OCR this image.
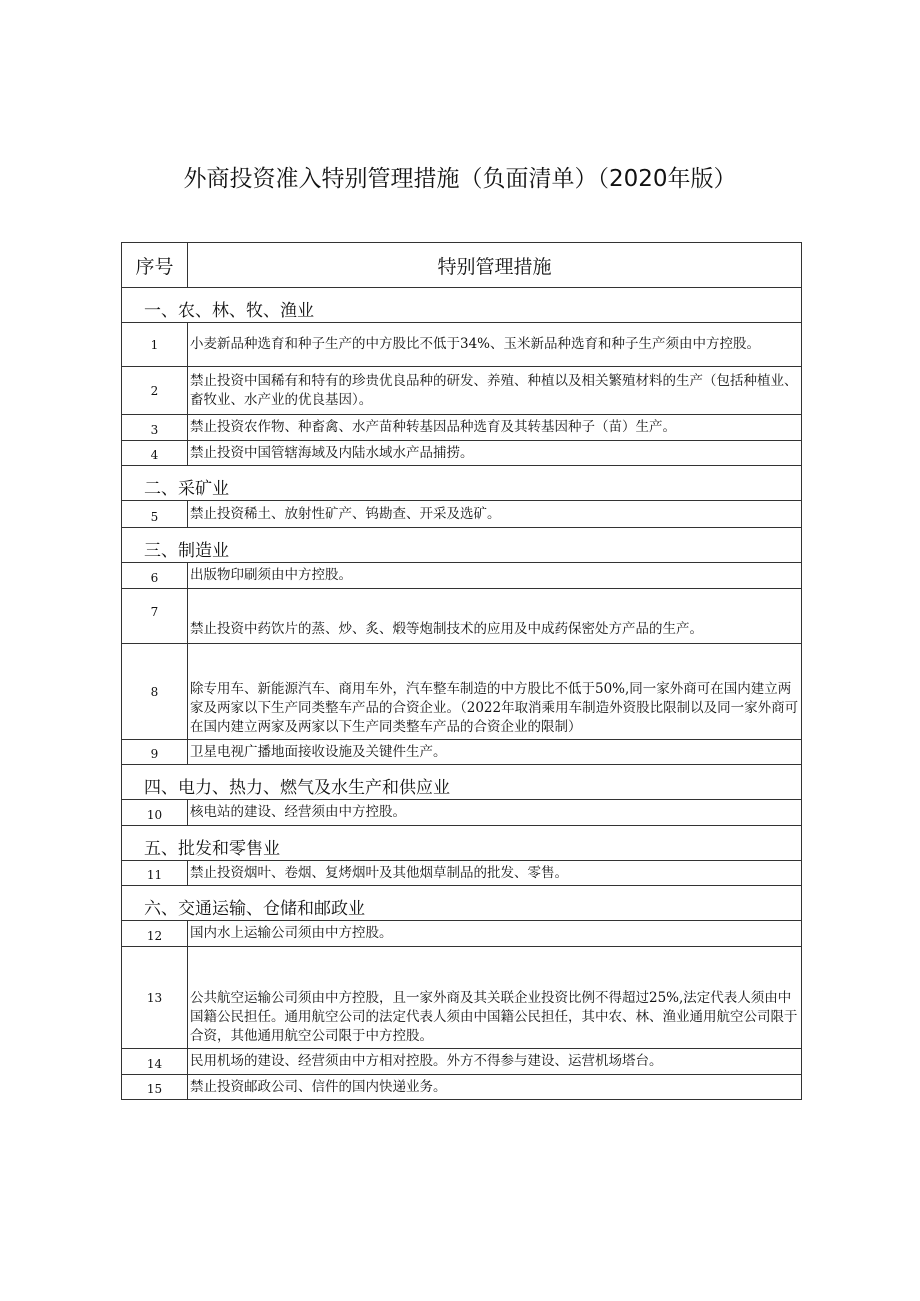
外商投资准入特别管理措施（负面清单）（2020年版）
序号	特别管理措施
一、农、林、牧、渔业	
1	小麦新品种选育和种子生产的中方股比不低于34%、玉米新品种选育和种子生产须由中方控股。
2	禁止投资中国稀有和特有的珍贵优良品种的研发、养殖、种植以及相关繁殖材料的生产（包括种植业、畜牧业、水产业的优良基因）。
3	禁止投资农作物、种畜禽、水产苗种转基因品种选育及其转基因种子（苗）生产。
4	禁止投资中国管辖海域及内陆水域水产品捕捞。
二、采矿业	
5	禁止投资稀土、放射性矿产、钨勘查、开采及选矿。
三、制造业	
6	出版物印刷须由中方控股。
7	禁止投资中药饮片的蒸、炒、炙、煅等炮制技术的应用及中成药保密处方产品的生产。
8	除专用车、新能源汽车、商用车外，汽车整车制造的中方股比不低于50%,同一家外商可在国内建立两家及两家以下生产同类整车产品的合资企业。（2022年取消乘用车制造外资股比限制以及同一家外商可在国内建立两家及两家以下生产同类整车产品的合资企业的限制）
9	卫星电视广播地面接收设施及关键件生产。
四、电力、热力、燃气及水生产和供应业	
10	核电站的建设、经营须由中方控股。
五、批发和零售业	
11	禁止投资烟叶、卷烟、复烤烟叶及其他烟草制品的批发、零售。
六、交通运输、仓储和邮政业	
12	国内水上运输公司须由中方控股。
13	公共航空运输公司须由中方控股，且一家外商及其关联企业投资比例不得超过25%,法定代表人须由中国籍公民担任。通用航空公司的法定代表人须由中国籍公民担任，其中农、林、渔业通用航空公司限于合资，其他通用航空公司限于中方控股。
14	民用机场的建设、经营须由中方相对控股。外方不得参与建设、运营机场塔台。
15	禁止投资邮政公司、信件的国内快递业务。
